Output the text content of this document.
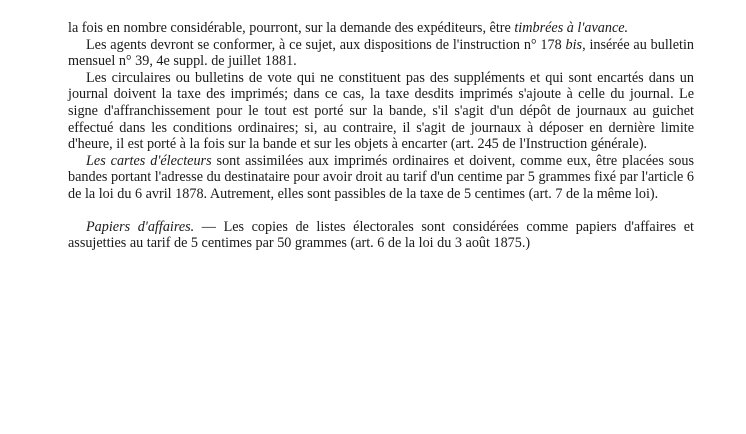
la fois en nombre considérable, pourront, sur la demande des expéditeurs, être timbrées à l'avance.

Les agents devront se conformer, à ce sujet, aux dispositions de l'instruction n° 178 bis, insérée au bulletin mensuel n° 39, 4e suppl. de juillet 1881.

Les circulaires ou bulletins de vote qui ne constituent pas des suppléments et qui sont encartés dans un journal doivent la taxe des imprimés; dans ce cas, la taxe desdits imprimés s'ajoute à celle du journal. Le signe d'affranchissement pour le tout est porté sur la bande, s'il s'agit d'un dépôt de journaux au guichet effectué dans les conditions ordinaires; si, au contraire, il s'agit de journaux à déposer en dernière limite d'heure, il est porté à la fois sur la bande et sur les objets à encarter (art. 245 de l'Instruction générale).

Les cartes d'électeurs sont assimilées aux imprimés ordinaires et doivent, comme eux, être placées sous bandes portant l'adresse du destinataire pour avoir droit au tarif d'un centime par 5 grammes fixé par l'article 6 de la loi du 6 avril 1878. Autrement, elles sont passibles de la taxe de 5 centimes (art. 7 de la même loi).

Papiers d'affaires. — Les copies de listes électorales sont considérées comme papiers d'affaires et assujetties au tarif de 5 centimes par 50 grammes (art. 6 de la loi du 3 août 1875.)
